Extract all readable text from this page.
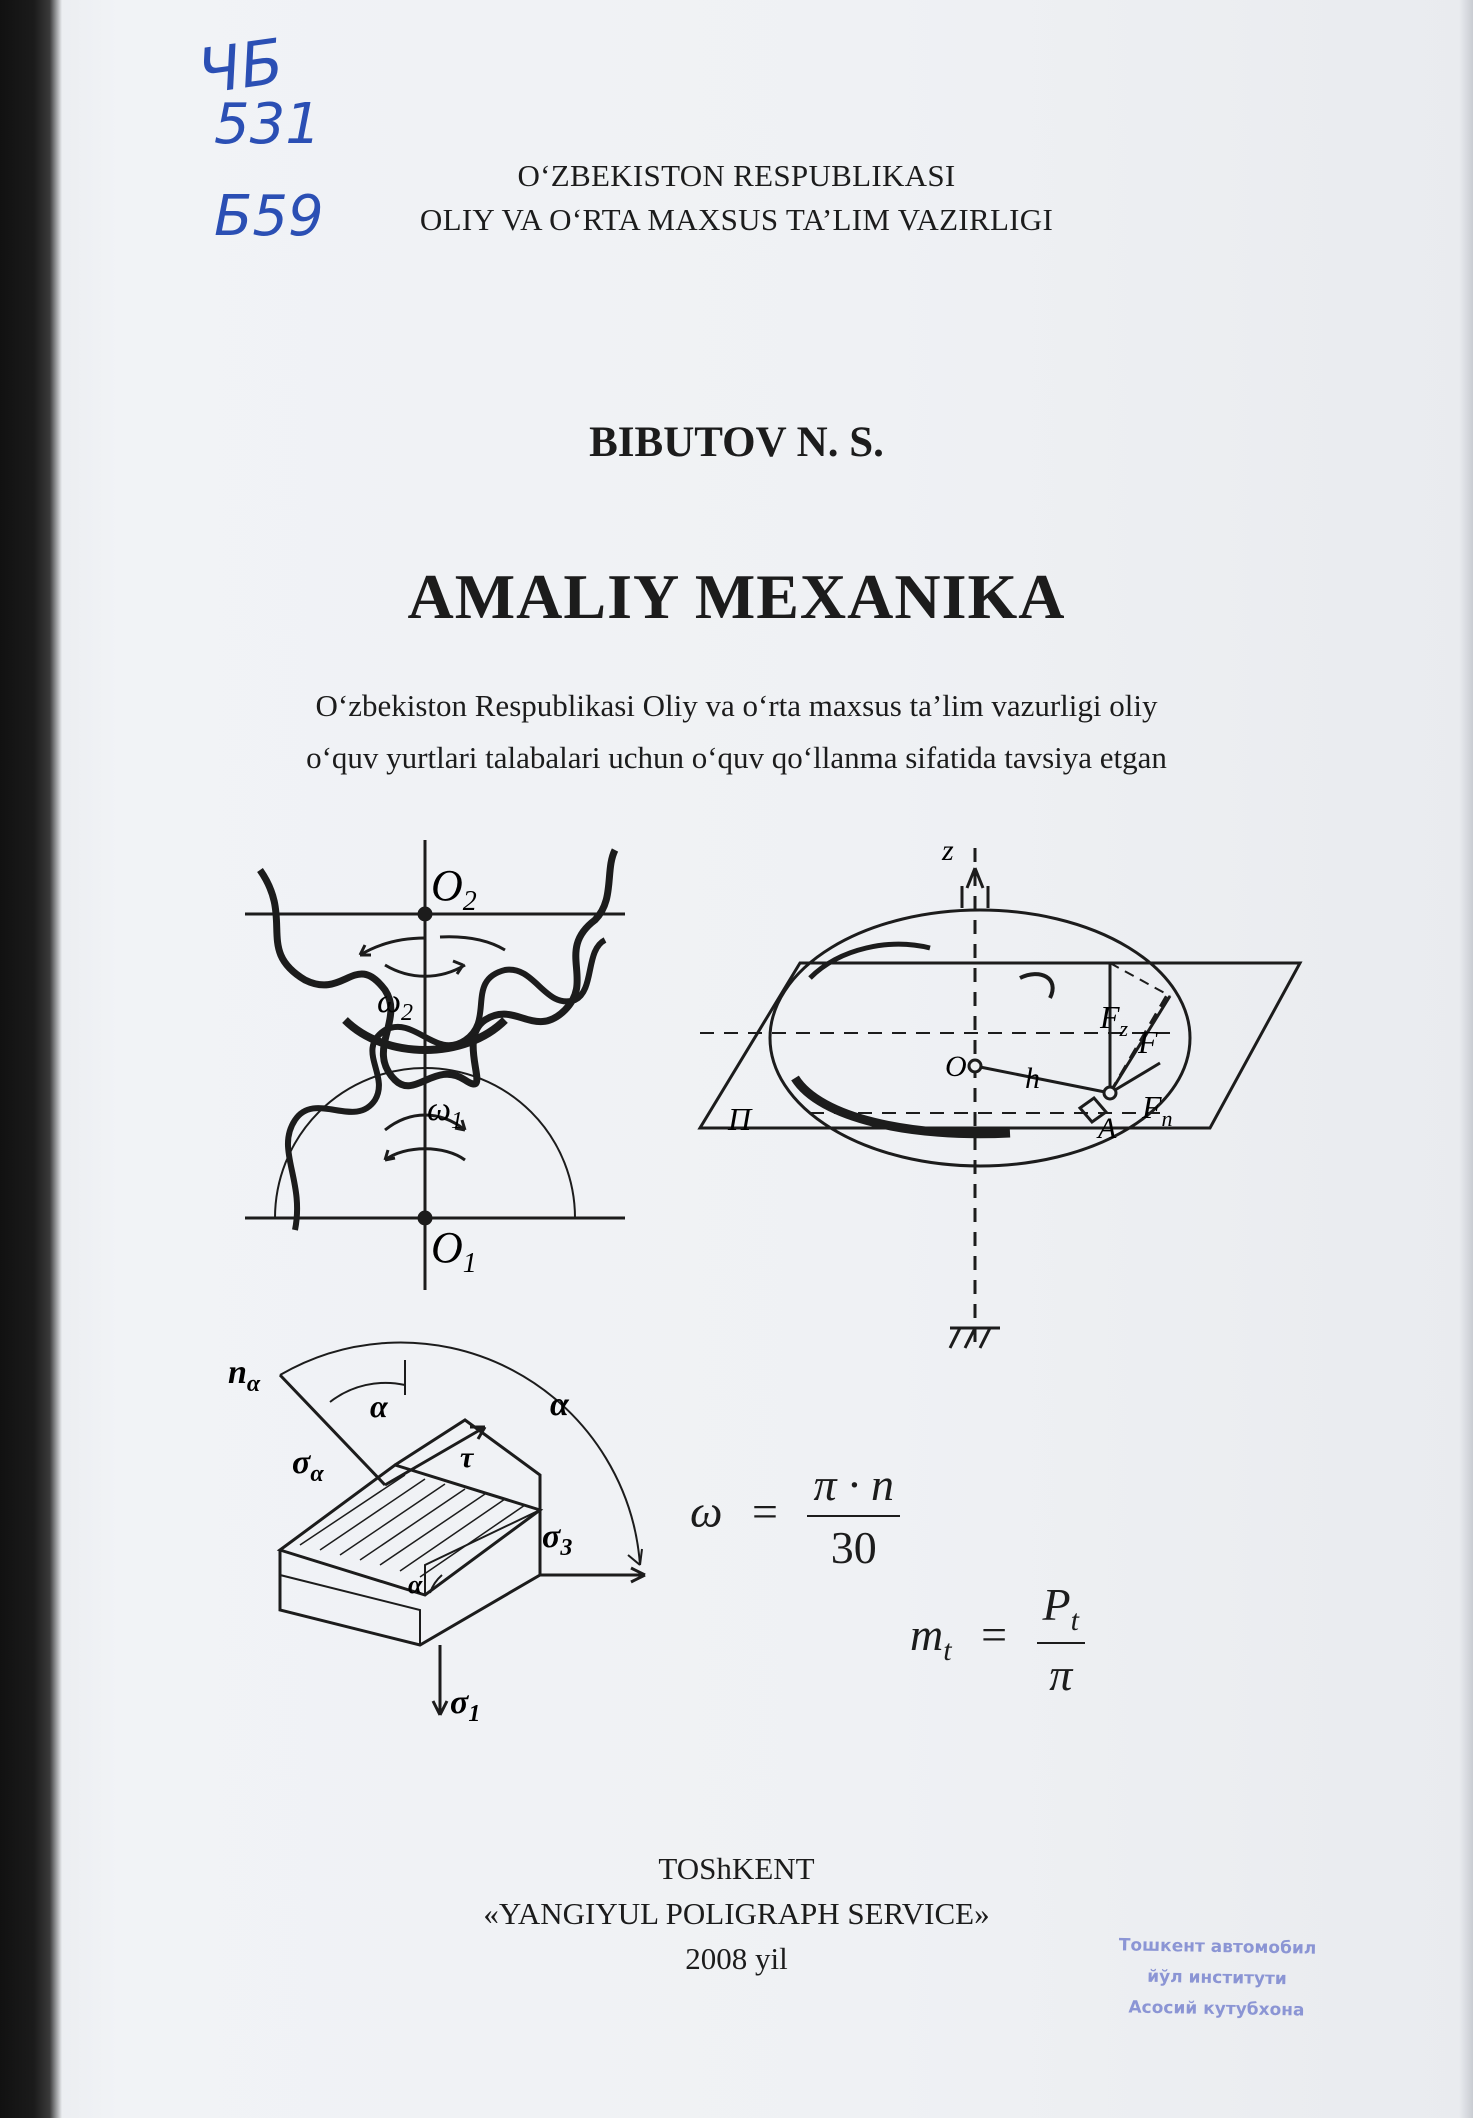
ЧБ
531
Б59
O‘ZBEKISTON RESPUBLIKASI
OLIY VA O‘RTA MAXSUS TA’LIM VAZIRLIGI
BIBUTOV N. S.
AMALIY MEXANIKA
O‘zbekiston Respublikasi Oliy va o‘rta maxsus ta’lim vazurligi oliy
o‘quv yurtlari talabalari uchun o‘quv qo‘llanma sifatida tavsiya etgan
$O_2$
$\omega_2$
$\omega_1$
$O_1$
z
F
$F_z$
$F_n$
O h
A
П
$n_\alpha$
α	α
$\sigma_\alpha$	τ
$\sigma_3$
α
$\sigma_1$
$\omega = \frac{\pi \cdot n}{30}$
$m_t = \frac{P_t}{\pi}$
TOShKENT
«YANGIYUL POLIGRAPH SERVICE»
2008 yil	Тошкент автомобил
йўл институти
Асосий кутубхона
